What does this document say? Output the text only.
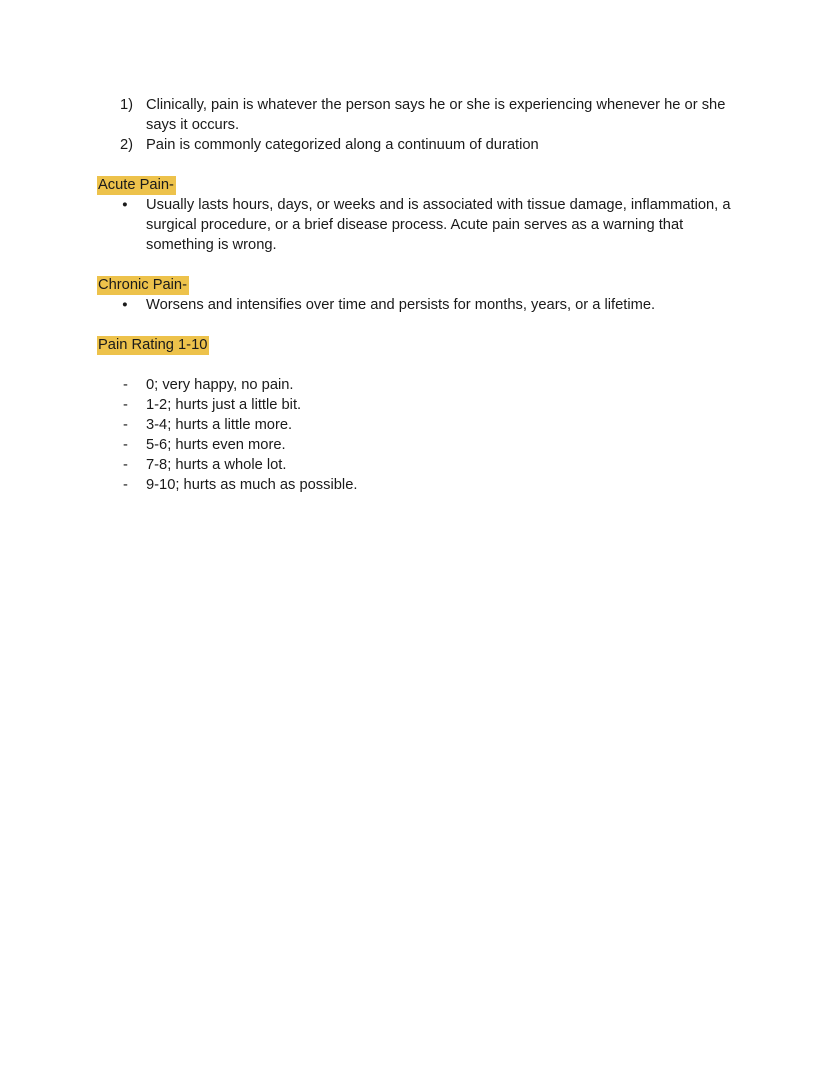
1) Clinically, pain is whatever the person says he or she is experiencing whenever he or she says it occurs.
2) Pain is commonly categorized along a continuum of duration
Acute Pain-
●	Usually lasts hours, days, or weeks and is associated with tissue damage, inflammation, a surgical procedure, or a brief disease process. Acute pain serves as a warning that something is wrong.
Chronic Pain-
●	Worsens and intensifies over time and persists for months, years, or a lifetime.
Pain Rating 1-10
-	0; very happy, no pain.
-	1-2; hurts just a little bit.
-	3-4; hurts a little more.
-	5-6; hurts even more.
-	7-8; hurts a whole lot.
-	9-10; hurts as much as possible.
